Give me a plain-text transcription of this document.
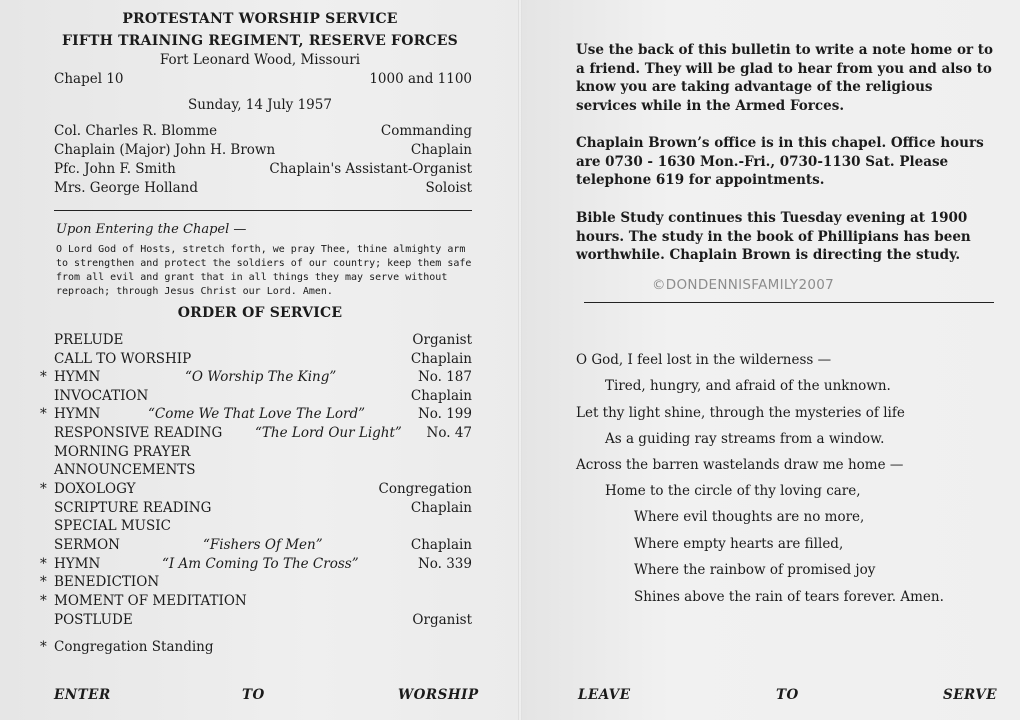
PROTESTANT WORSHIP SERVICE
FIFTH TRAINING REGIMENT, RESERVE FORCES
Fort Leonard Wood, Missouri
Chapel 10	1000 and 1100
Sunday, 14 July 1957
Col. Charles R. Blomme	Commanding
Chaplain (Major) John H. Brown	Chaplain
Pfc. John F. Smith	Chaplain's Assistant-Organist
Mrs. George Holland	Soloist
Upon Entering the Chapel —
O Lord God of Hosts, stretch forth, we pray Thee, thine almighty arm to strengthen and protect the soldiers of our country; keep them safe from all evil and grant that in all things they may serve without reproach; through Jesus Christ our Lord. Amen.
ORDER OF SERVICE
PRELUDE	Organist
CALL TO WORSHIP	Chaplain
* HYMN	“O Worship The King”	No. 187
INVOCATION	Chaplain
* HYMN	“Come We That Love The Lord”	No. 199
RESPONSIVE READING “The Lord Our Light” No. 47
MORNING PRAYER
ANNOUNCEMENTS
* DOXOLOGY	Congregation
SCRIPTURE READING	Chaplain
SPECIAL MUSIC
SERMON	“Fishers Of Men”	Chaplain
* HYMN	“I Am Coming To The Cross”	No. 339
* BENEDICTION
* MOMENT OF MEDITATION
POSTLUDE	Organist
* Congregation Standing
ENTER	TO	WORSHIP
Use the back of this bulletin to write a note home or to a friend. They will be glad to hear from you and also to know you are taking advantage of the religious services while in the Armed Forces.
Chaplain Brown’s office is in this chapel. Office hours are 0730 - 1630 Mon.-Fri., 0730-1130 Sat. Please telephone 619 for appointments.
Bible Study continues this Tuesday evening at 1900 hours. The study in the book of Phillipians has been worthwhile. Chaplain Brown is directing the study.
©DONDENNISFAMILY2007
O God, I feel lost in the wilderness —
Tired, hungry, and afraid of the unknown.
Let thy light shine, through the mysteries of life
As a guiding ray streams from a window.
Across the barren wastelands draw me home —
Home to the circle of thy loving care,
Where evil thoughts are no more,
Where empty hearts are filled,
Where the rainbow of promised joy
Shines above the rain of tears forever. Amen.
LEAVE	TO	SERVE
